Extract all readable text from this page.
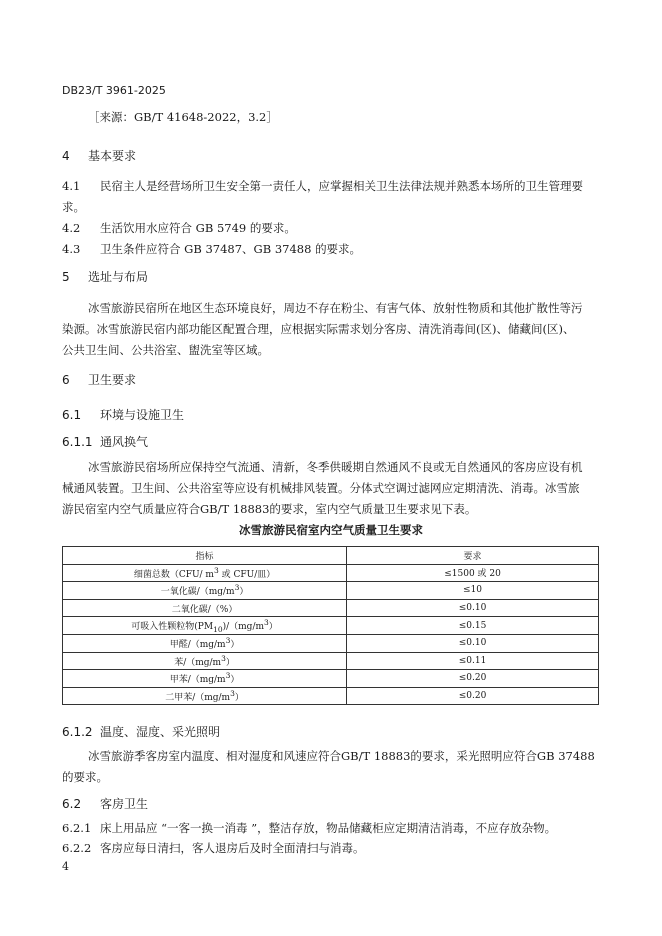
DB23/T 3961-2025
［来源：GB/T 41648-2022，3.2］
4 基本要求
4.1 民宿主人是经营场所卫生安全第一责任人，应掌握相关卫生法律法规并熟悉本场所的卫生管理要
求。
4.2 生活饮用水应符合 GB 5749 的要求。
4.3 卫生条件应符合 GB 37487、GB 37488 的要求。
5 选址与布局
冰雪旅游民宿所在地区生态环境良好，周边不存在粉尘、有害气体、放射性物质和其他扩散性等污
染源。冰雪旅游民宿内部功能区配置合理，应根据实际需求划分客房、清洗消毒间(区)、储藏间(区)、
公共卫生间、公共浴室、盥洗室等区域。
6 卫生要求
6.1 环境与设施卫生
6.1.1 通风换气
冰雪旅游民宿场所应保持空气流通、清新，冬季供暖期自然通风不良或无自然通风的客房应设有机
械通风装置。卫生间、公共浴室等应设有机械排风装置。分体式空调过滤网应定期清洗、消毒。冰雪旅
游民宿室内空气质量应符合GB/T 18883的要求，室内空气质量卫生要求见下表。
冰雪旅游民宿室内空气质量卫生要求
指标	要求
细菌总数（CFU/ $m^3$ 或 CFU/皿）	≤1500 或 20
一氧化碳$/(mg/m^3)$	≤10
二氧化碳/（%）	≤0.10
可吸入性颗粒物$(PM_{10})/(mg/m^3)$	≤0.15
甲醛$/(mg/m^3)$	≤0.10
苯$/(mg/m^3)$	≤0.11
甲苯$/(mg/m^3)$	≤0.20
二甲苯$/(mg/m^3)$	≤0.20
6.1.2 温度、湿度、采光照明
冰雪旅游季客房室内温度、相对湿度和风速应符合GB/T 18883的要求，采光照明应符合GB 37488
的要求。
6.2 客房卫生
6.2.1 床上用品应 “一客一换一消毒 ”，整洁存放，物品储藏柜应定期清洁消毒，不应存放杂物。
6.2.2 客房应每日清扫，客人退房后及时全面清扫与消毒。
4
